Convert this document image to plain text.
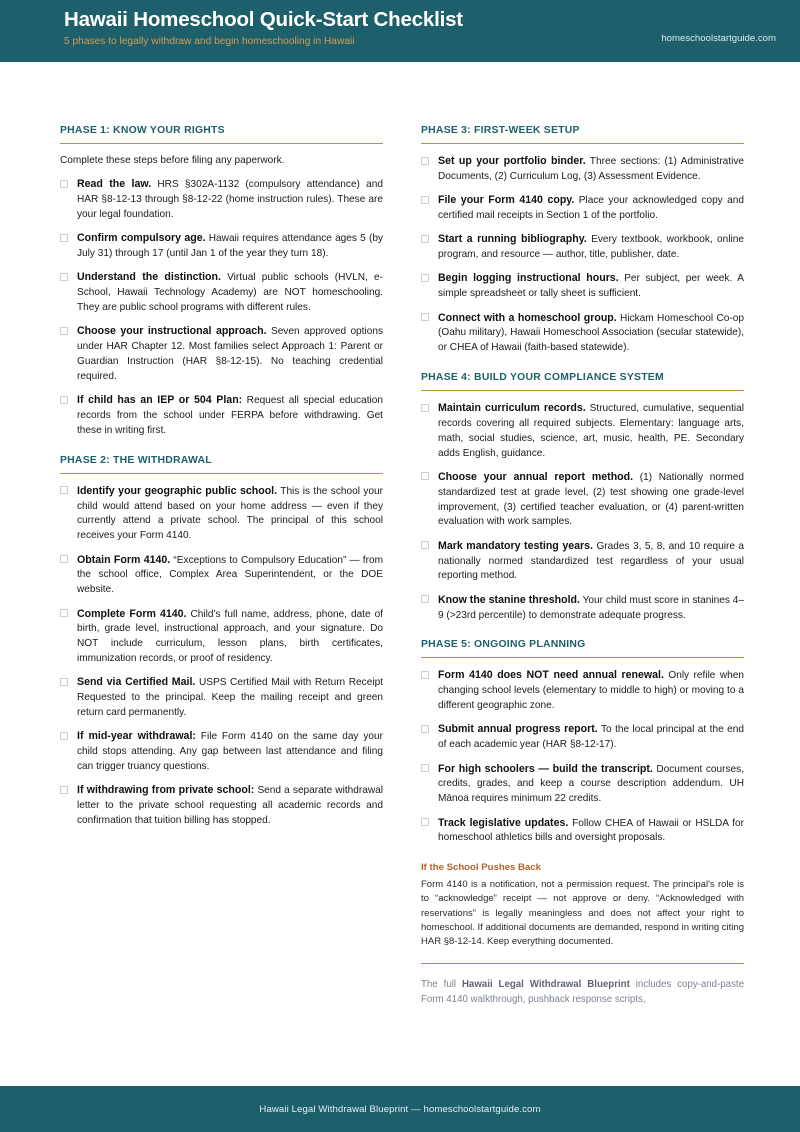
Hawaii Homeschool Quick-Start Checklist
5 phases to legally withdraw and begin homeschooling in Hawaii	homeschoolstartguide.com
PHASE 1: KNOW YOUR RIGHTS

Complete these steps before filing any paperwork.

Read the law. HRS §302A-1132 (compulsory attendance) and HAR §8-12-13 through §8-12-22 (home instruction rules). These are your legal foundation.
Confirm compulsory age. Hawaii requires attendance ages 5 (by July 31) through 17 (until Jan 1 of the year they turn 18).
Understand the distinction. Virtual public schools (HVLN, e-School, Hawaii Technology Academy) are NOT homeschooling. They are public school programs with different rules.
Choose your instructional approach. Seven approved options under HAR Chapter 12. Most families select Approach 1: Parent or Guardian Instruction (HAR §8-12-15). No teaching credential required.
If child has an IEP or 504 Plan: Request all special education records from the school under FERPA before withdrawing. Get these in writing first.
PHASE 2: THE WITHDRAWAL
Identify your geographic public school. This is the school your child would attend based on your home address — even if they currently attend a private school. The principal of this school receives your Form 4140.
Obtain Form 4140. “Exceptions to Compulsory Education” — from the school office, Complex Area Superintendent, or the DOE website.
Complete Form 4140. Child’s full name, address, phone, date of birth, grade level, instructional approach, and your signature. Do NOT include curriculum, lesson plans, birth certificates, immunization records, or proof of residency.
Send via Certified Mail. USPS Certified Mail with Return Receipt Requested to the principal. Keep the mailing receipt and green return card permanently.
If mid-year withdrawal: File Form 4140 on the same day your child stops attending. Any gap between last attendance and filing can trigger truancy questions.
If withdrawing from private school: Send a separate withdrawal letter to the private school requesting all academic records and confirmation that tuition billing has stopped.
PHASE 3: FIRST-WEEK SETUP
Set up your portfolio binder. Three sections: (1) Administrative Documents, (2) Curriculum Log, (3) Assessment Evidence.
File your Form 4140 copy. Place your acknowledged copy and certified mail receipts in Section 1 of the portfolio.
Start a running bibliography. Every textbook, workbook, online program, and resource — author, title, publisher, date.
Begin logging instructional hours. Per subject, per week. A simple spreadsheet or tally sheet is sufficient.
Connect with a homeschool group. Hickam Homeschool Co-op (Oahu military), Hawaii Homeschool Association (secular statewide), or CHEA of Hawaii (faith-based statewide).
PHASE 4: BUILD YOUR COMPLIANCE SYSTEM
Maintain curriculum records. Structured, cumulative, sequential records covering all required subjects. Elementary: language arts, math, social studies, science, art, music, health, PE. Secondary adds English, guidance.
Choose your annual report method. (1) Nationally normed standardized test at grade level, (2) test showing one grade-level improvement, (3) certified teacher evaluation, or (4) parent-written evaluation with work samples.
Mark mandatory testing years. Grades 3, 5, 8, and 10 require a nationally normed standardized test regardless of your usual reporting method.
Know the stanine threshold. Your child must score in stanines 4–9 (>23rd percentile) to demonstrate adequate progress.
PHASE 5: ONGOING PLANNING
Form 4140 does NOT need annual renewal. Only refile when changing school levels (elementary to middle to high) or moving to a different geographic zone.
Submit annual progress report. To the local principal at the end of each academic year (HAR §8-12-17).
For high schoolers — build the transcript. Document courses, credits, grades, and keep a course description addendum. UH Mānoa requires minimum 22 credits.
Track legislative updates. Follow CHEA of Hawaii or HSLDA for homeschool athletics bills and oversight proposals.
If the School Pushes Back

Form 4140 is a notification, not a permission request. The principal's role is to “acknowledge” receipt — not approve or deny. “Acknowledged with reservations” is legally meaningless and does not affect your right to homeschool. If additional documents are demanded, respond in writing citing HAR §8-12-14. Keep everything documented.

The full Hawaii Legal Withdrawal Blueprint includes copy-and-paste Form 4140 walkthrough, pushback response scripts,

Hawaii Legal Withdrawal Blueprint — homeschoolstartguide.com
